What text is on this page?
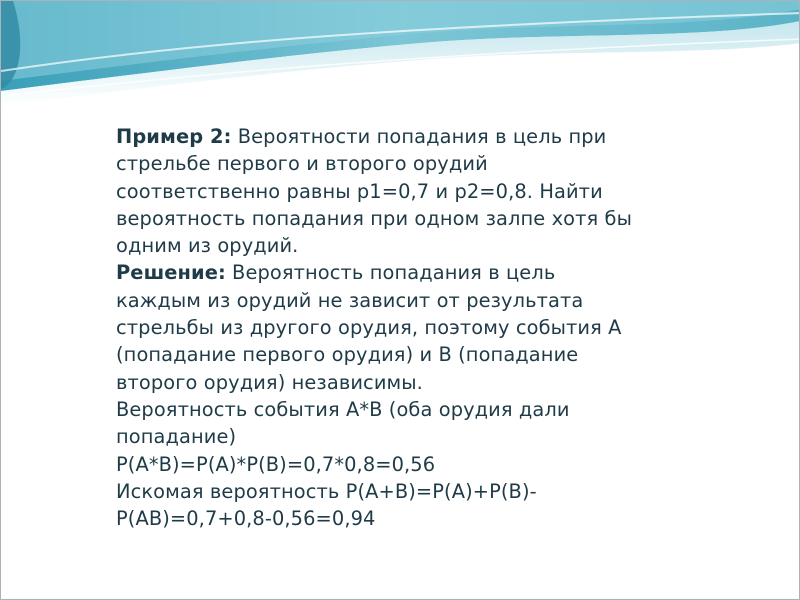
Пример 2: Вероятности попадания в цель при
стрельбе первого и второго орудий
соответственно равны p1=0,7 и p2=0,8. Найти
вероятность попадания при одном залпе хотя бы
одним из орудий.
Решение: Вероятность попадания в цель
каждым из орудий не зависит от результата
стрельбы из другого орудия, поэтому события А
(попадание первого орудия) и В (попадание
второго орудия) независимы.
Вероятность события А*В (оба орудия дали
попадание)
Р(А*В)=Р(А)*Р(В)=0,7*0,8=0,56
Искомая вероятность Р(А+В)=Р(А)+Р(В)-
Р(АВ)=0,7+0,8-0,56=0,94
